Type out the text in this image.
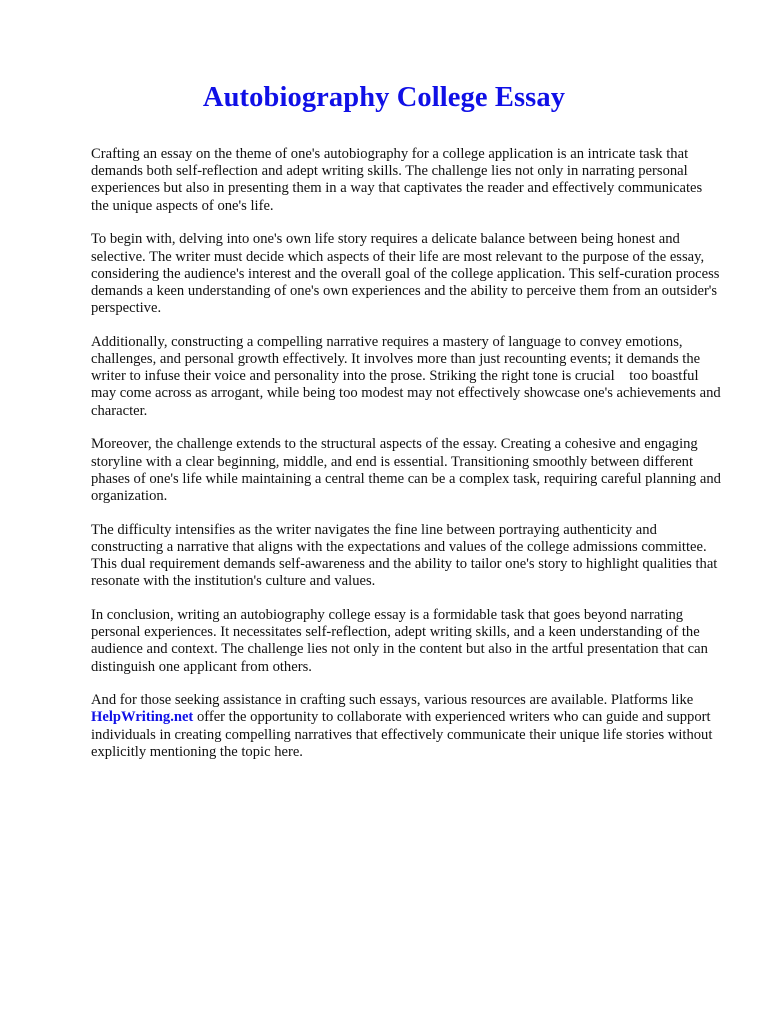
Autobiography College Essay

Crafting an essay on the theme of one's autobiography for a college application is an intricate task that demands both self-reflection and adept writing skills. The challenge lies not only in narrating personal experiences but also in presenting them in a way that captivates the reader and effectively communicates the unique aspects of one's life.

To begin with, delving into one's own life story requires a delicate balance between being honest and selective. The writer must decide which aspects of their life are most relevant to the purpose of the essay, considering the audience's interest and the overall goal of the college application. This self-curation process demands a keen understanding of one's own experiences and the ability to perceive them from an outsider's perspective.

Additionally, constructing a compelling narrative requires a mastery of language to convey emotions, challenges, and personal growth effectively. It involves more than just recounting events; it demands the writer to infuse their voice and personality into the prose. Striking the right tone is crucial    too boastful may come across as arrogant, while being too modest may not effectively showcase one's achievements and character.

Moreover, the challenge extends to the structural aspects of the essay. Creating a cohesive and engaging storyline with a clear beginning, middle, and end is essential. Transitioning smoothly between different phases of one's life while maintaining a central theme can be a complex task, requiring careful planning and organization.

The difficulty intensifies as the writer navigates the fine line between portraying authenticity and constructing a narrative that aligns with the expectations and values of the college admissions committee. This dual requirement demands self-awareness and the ability to tailor one's story to highlight qualities that resonate with the institution's culture and values.

In conclusion, writing an autobiography college essay is a formidable task that goes beyond narrating personal experiences. It necessitates self-reflection, adept writing skills, and a keen understanding of the audience and context. The challenge lies not only in the content but also in the artful presentation that can distinguish one applicant from others.

And for those seeking assistance in crafting such essays, various resources are available. Platforms like HelpWriting.net offer the opportunity to collaborate with experienced writers who can guide and support individuals in creating compelling narratives that effectively communicate their unique life stories without explicitly mentioning the topic here.
